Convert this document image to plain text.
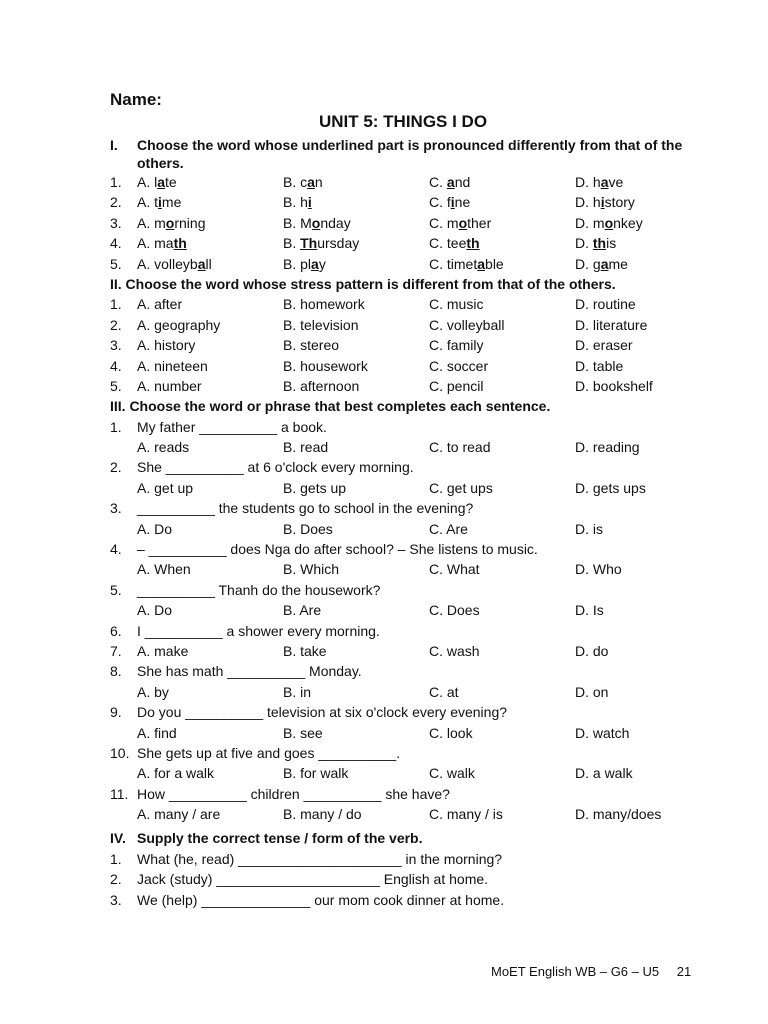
Name:
UNIT 5: THINGS I DO
I.	Choose the word whose underlined part is pronounced differently from that of the others.
1.	A. late	B. can	C. and	D. have
2.	A. time	B. hi	C. fine	D. history
3.	A. morning	B. Monday	C. mother	D. monkey
4.	A. math	B. Thursday	C. teeth	D. this
5.	A. volleyball	B. play	C. timetable	D. game
II. Choose the word whose stress pattern is different from that of the others.
1.	A. after	B. homework	C. music	D. routine
2.	A. geography	B. television	C. volleyball	D. literature
3.	A. history	B. stereo	C. family	D. eraser
4.	A. nineteen	B. housework	C. soccer	D. table
5.	A. number	B. afternoon	C. pencil	D. bookshelf
III. Choose the word or phrase that best completes each sentence.
1.	My father __________ a book.
A. reads	B. read	C. to read	D. reading
2.	She __________ at 6 o'clock every morning.
A. get up	B. gets up	C. get ups	D. gets ups
3.	__________ the students go to school in the evening?
A. Do	B. Does	C. Are	D. is
4.	– __________ does Nga do after school? – She listens to music.
A. When	B. Which	C. What	D. Who
5.	__________ Thanh do the housework?
A. Do	B. Are	C. Does	D. Is
6.	I __________ a shower every morning.
7.	A. make	B. take	C. wash	D. do
8.	She has math __________ Monday.
A. by	B. in	C. at	D. on
9.	Do you __________ television at six o'clock every evening?
A. find	B. see	C. look	D. watch
10. She gets up at five and goes __________.
A. for a walk	B. for walk	C. walk	D. a walk
11. How __________ children __________ she have?
A. many / are	B. many / do	C. many / is	D. many/does
IV. Supply the correct tense / form of the verb.
1.	What (he, read) _____________________ in the morning?
2.	Jack (study) _____________________ English at home.
3.	We (help) ______________ our mom cook dinner at home.
MoET English WB – G6 – U5 21
